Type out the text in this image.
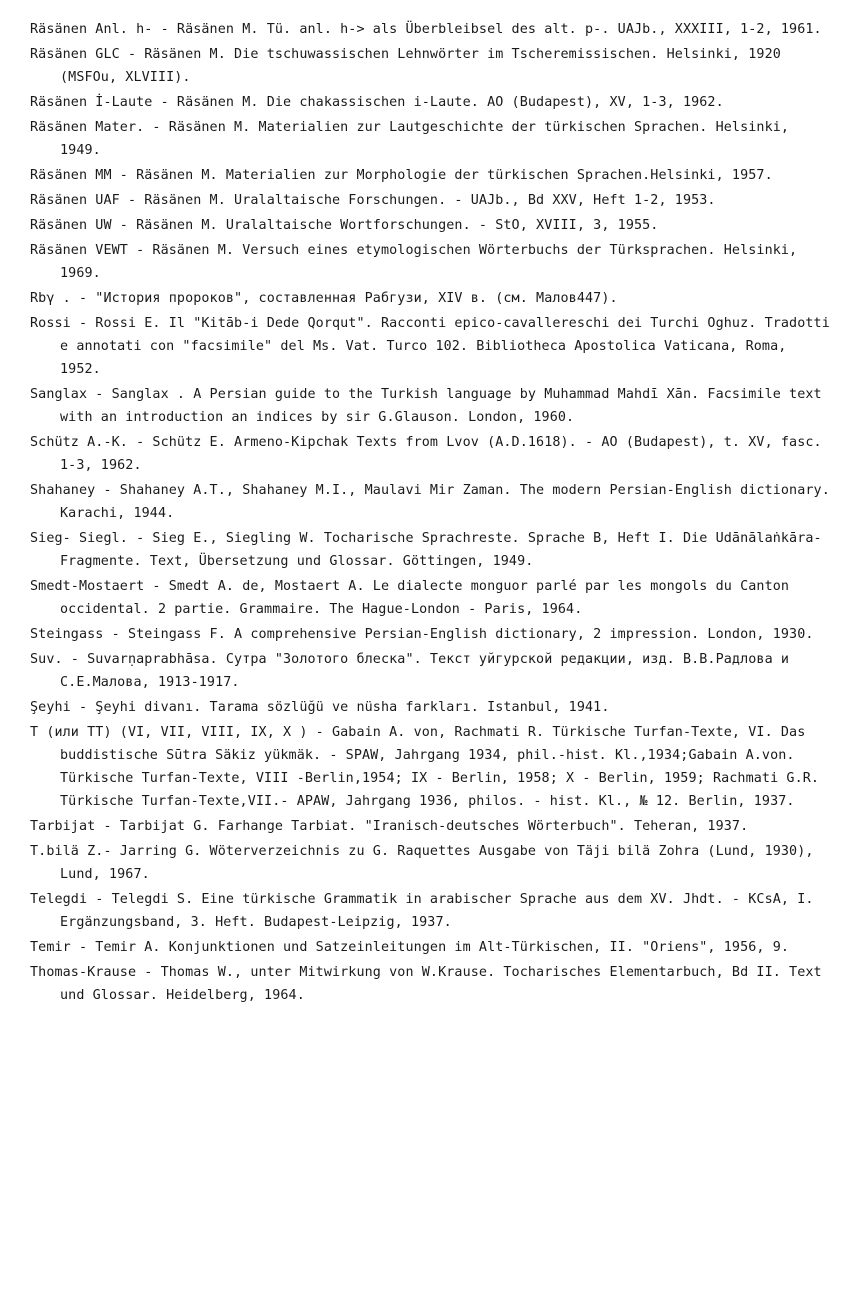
Räsänen Anl. h- - Räsänen M. Tü. anl. h-> als Überbleibsel des alt. p-. UAJb., XXXIII, 1-2, 1961.
Räsänen GLC - Räsänen M. Die tschuwassischen Lehnwörter im Tscheremissischen. Helsinki, 1920 (MSFOu, XLVIII).
Räsänen İ-Laute - Räsänen M. Die chakassischen i-Laute. AO (Budapest), XV, 1-3, 1962.
Räsänen Mater. - Räsänen M. Materialien zur Lautgeschichte der türkischen Sprachen. Helsinki, 1949.
Räsänen MM - Räsänen M. Materialien zur Morphologie der türkischen Sprachen.Helsinki, 1957.
Räsänen UAF - Räsänen M. Uralaltaische Forschungen. - UAJb., Bd XXV, Heft 1-2, 1953.
Räsänen UW - Räsänen M. Uralaltaische Wortforschungen. - StO, XVIII, 3, 1955.
Räsänen VEWT - Räsänen M. Versuch eines etymologischen Wörterbuchs der Türksprachen. Helsinki, 1969.
Rbγ . - "История пророков", составленная Рабгузи, XIV в. (см. Малов447).
Rossi - Rossi E. Il "Kitāb-i Dede Qorqut". Racconti epico-cavallereschi dei Turchi Oghuz. Tradotti e annotati con "facsimile" del Ms. Vat. Turco 102. Bibliotheca Apostolica Vaticana, Roma, 1952.
Sanglax - Sanglax . A Persian guide to the Turkish language by Muhammad Mahdī Xān. Facsimile text with an introduction an indices by sir G.Glauson. London, 1960.
Schütz A.-K. - Schütz E. Armeno-Kipchak Texts from Lvov (A.D.1618). - AO (Budapest), t. XV, fasc. 1-3, 1962.
Shahaney - Shahaney A.T., Shahaney M.I., Maulavi Mir Zaman. The modern Persian-English dictionary. Karachi, 1944.
Sieg- Siegl. - Sieg E., Siegling W. Tocharische Sprachreste. Sprache B, Heft I. Die Udānālaṅkāra-Fragmente. Text, Übersetzung und Glossar. Göttingen, 1949.
Smedt-Mostaert - Smedt A. de, Mostaert A. Le dialecte monguor parlé par les mongols du Canton occidental. 2 partie. Grammaire. The Hague-London - Paris, 1964.
Steingass - Steingass F. A comprehensive Persian-English dictionary, 2 impression. London, 1930.
Suv. - Suvarṇaprabhāsa. Сутра "Золотого блеска". Текст уйгурской редакции, изд. В.В.Радлова и С.Е.Малова, 1913-1917.
Şeyhi - Şeyhi divanı. Tarama sözlüğü ve nüsha farkları. Istanbul, 1941.
T (или TT) (VI, VII, VIII, IX, X ) - Gabain A. von, Rachmati R. Türkische Turfan-Texte, VI. Das buddistische Sūtra Säkiz yükmäk. - SPAW, Jahrgang 1934, phil.-hist. Kl.,1934;Gabain A.von. Türkische Turfan-Texte, VIII -Berlin,1954; IX - Berlin, 1958; X - Berlin, 1959; Rachmati G.R. Türkische Turfan-Texte,VII.- APAW, Jahrgang 1936, philos. - hist. Kl., № 12. Berlin, 1937.
Tarbijat - Tarbijat G. Farhange Tarbiat. "Iranisch-deutsches Wörterbuch". Teheran, 1937.
T.bilä Z.- Jarring G. Wöterverzeichnis zu G. Raquettes Ausgabe von Täji bilä Zohra (Lund, 1930), Lund, 1967.
Telegdi - Telegdi S. Eine türkische Grammatik in arabischer Sprache aus dem XV. Jhdt. - KCsA, I. Ergänzungsband, 3. Heft. Budapest-Leipzig, 1937.
Temir - Temir A. Konjunktionen und Satzeinleitungen im Alt-Türkischen, II. "Oriens", 1956, 9.
Thomas-Krause - Thomas W., unter Mitwirkung von W.Krause. Tocharisches Elementarbuch, Bd II. Text und Glossar. Heidelberg, 1964.
